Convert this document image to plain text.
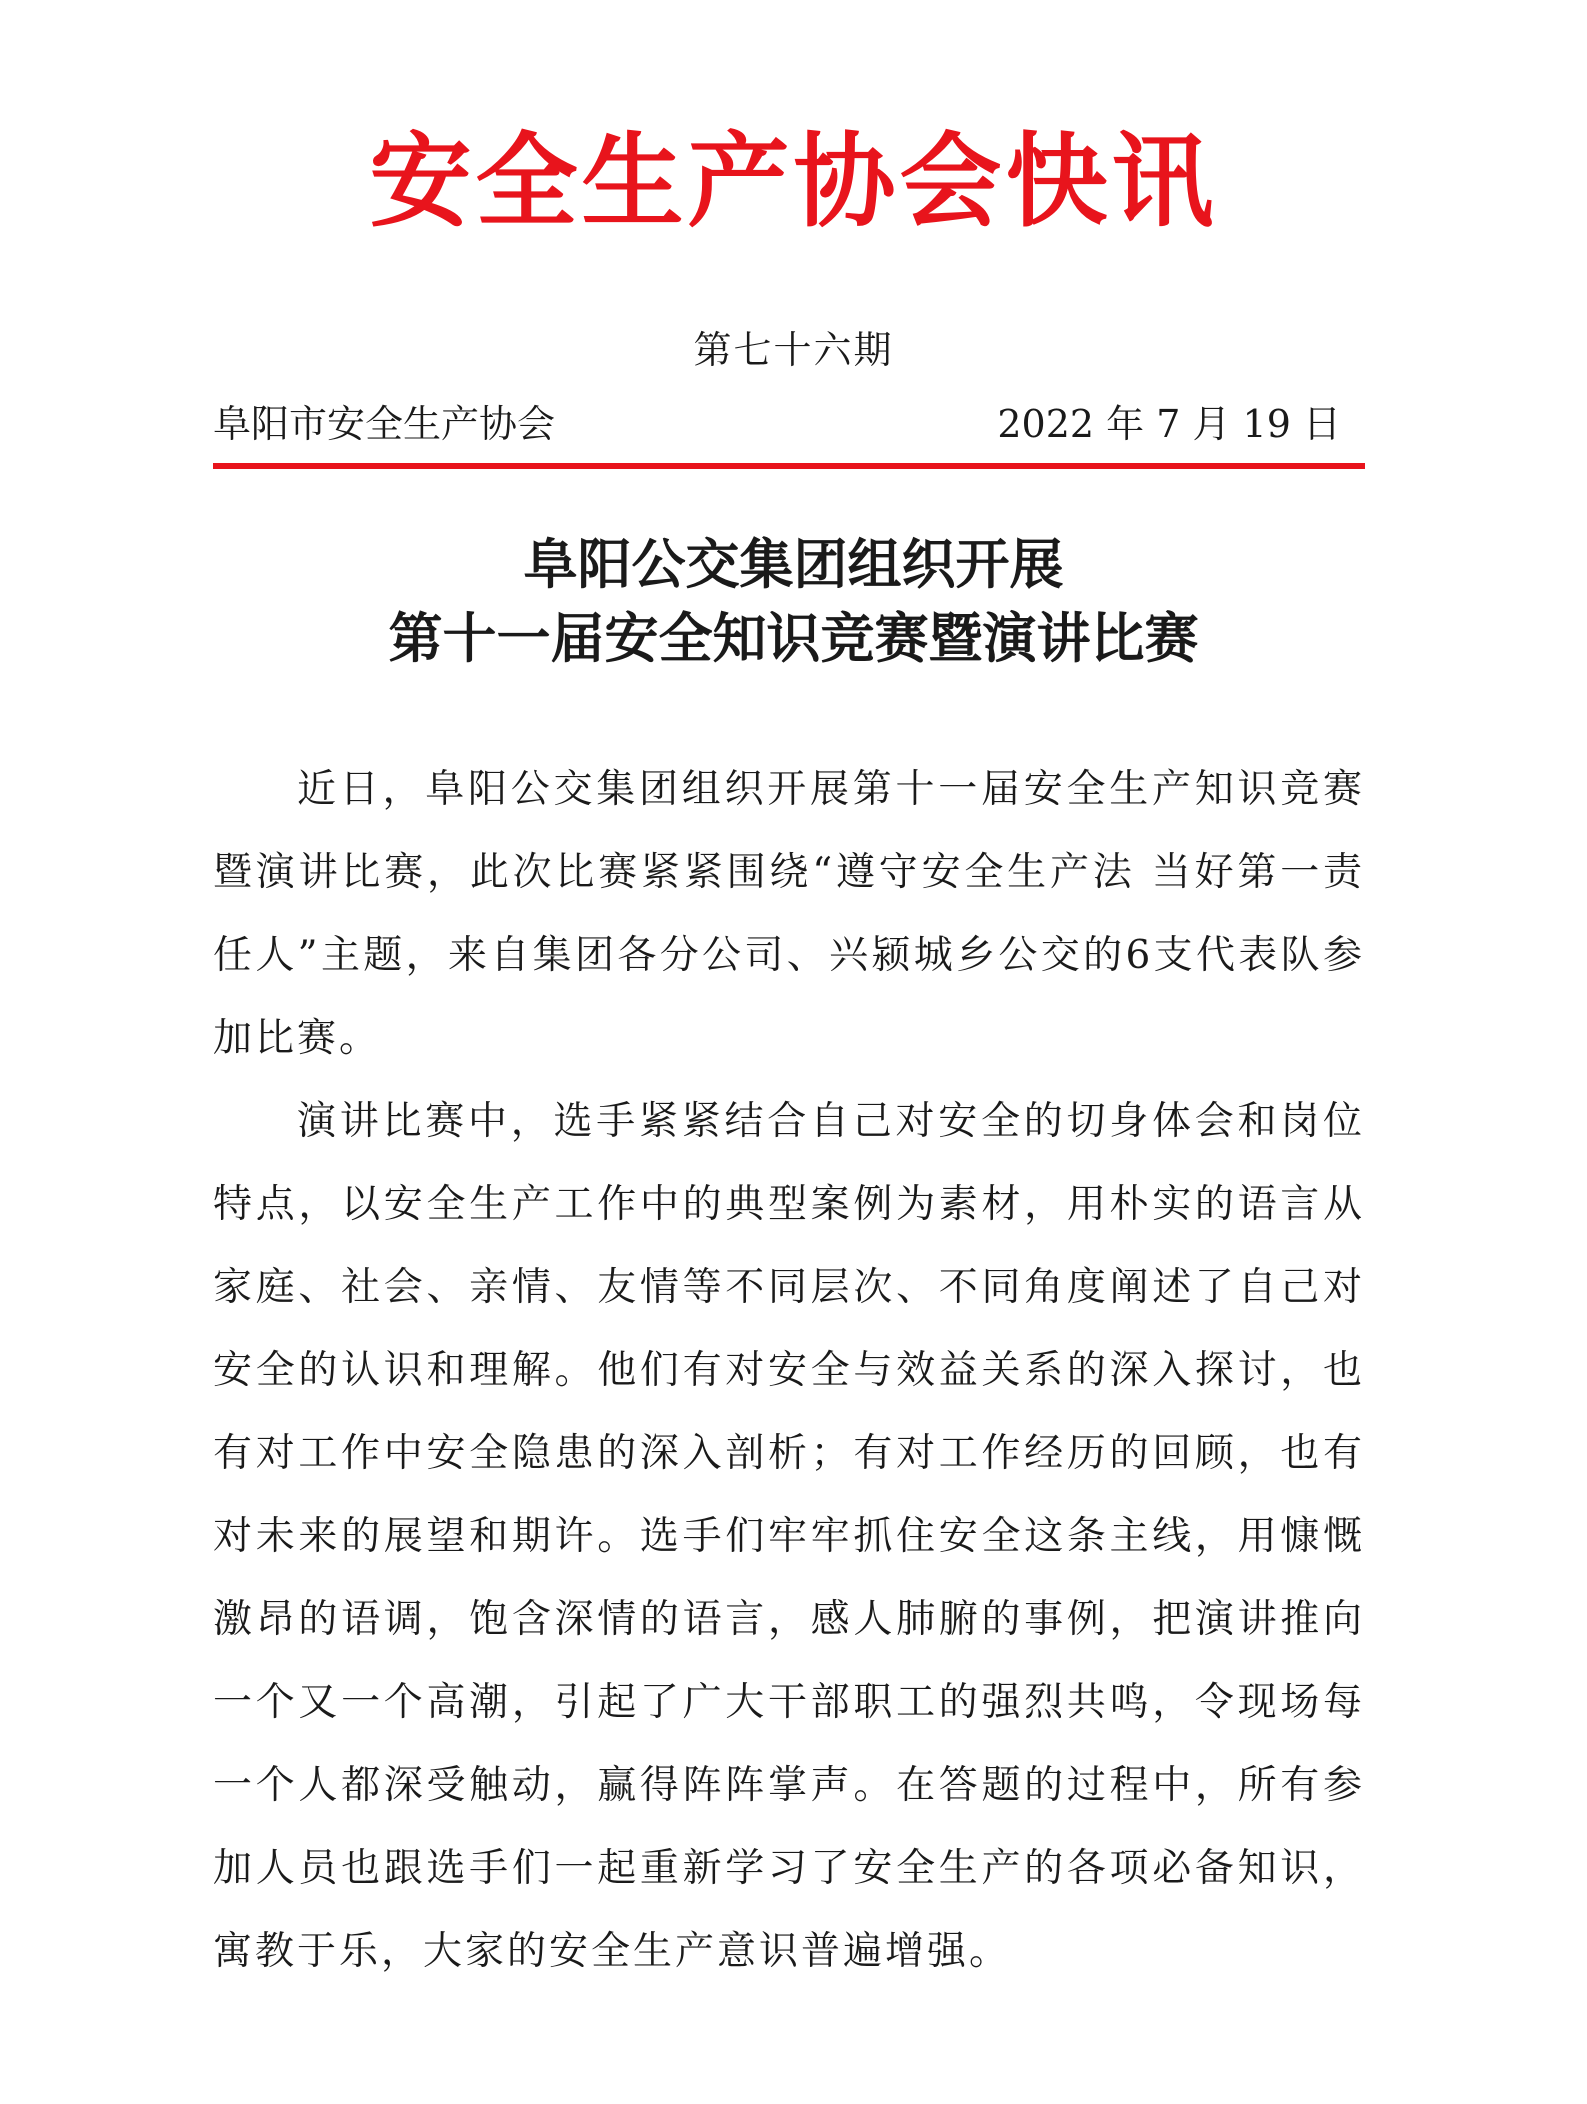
安全生产协会快讯
第七十六期
阜阳市安全生产协会	2022 年 7 月 19 日
阜阳公交集团组织开展
第十一届安全知识竞赛暨演讲比赛

近日，阜阳公交集团组织开展第十一届安全生产知识竞赛暨演讲比赛，此次比赛紧紧围绕“遵守安全生产法 当好第一责任人”主题，来自集团各分公司、兴颍城乡公交的6支代表队参加比赛。

演讲比赛中，选手紧紧结合自己对安全的切身体会和岗位特点，以安全生产工作中的典型案例为素材，用朴实的语言从家庭、社会、亲情、友情等不同层次、不同角度阐述了自己对安全的认识和理解。他们有对安全与效益关系的深入探讨，也有对工作中安全隐患的深入剖析；有对工作经历的回顾，也有对未来的展望和期许。选手们牢牢抓住安全这条主线，用慷慨激昂的语调，饱含深情的语言，感人肺腑的事例，把演讲推向一个又一个高潮，引起了广大干部职工的强烈共鸣，令现场每一个人都深受触动，赢得阵阵掌声。在答题的过程中，所有参加人员也跟选手们一起重新学习了安全生产的各项必备知识，寓教于乐，大家的安全生产意识普遍增强。
